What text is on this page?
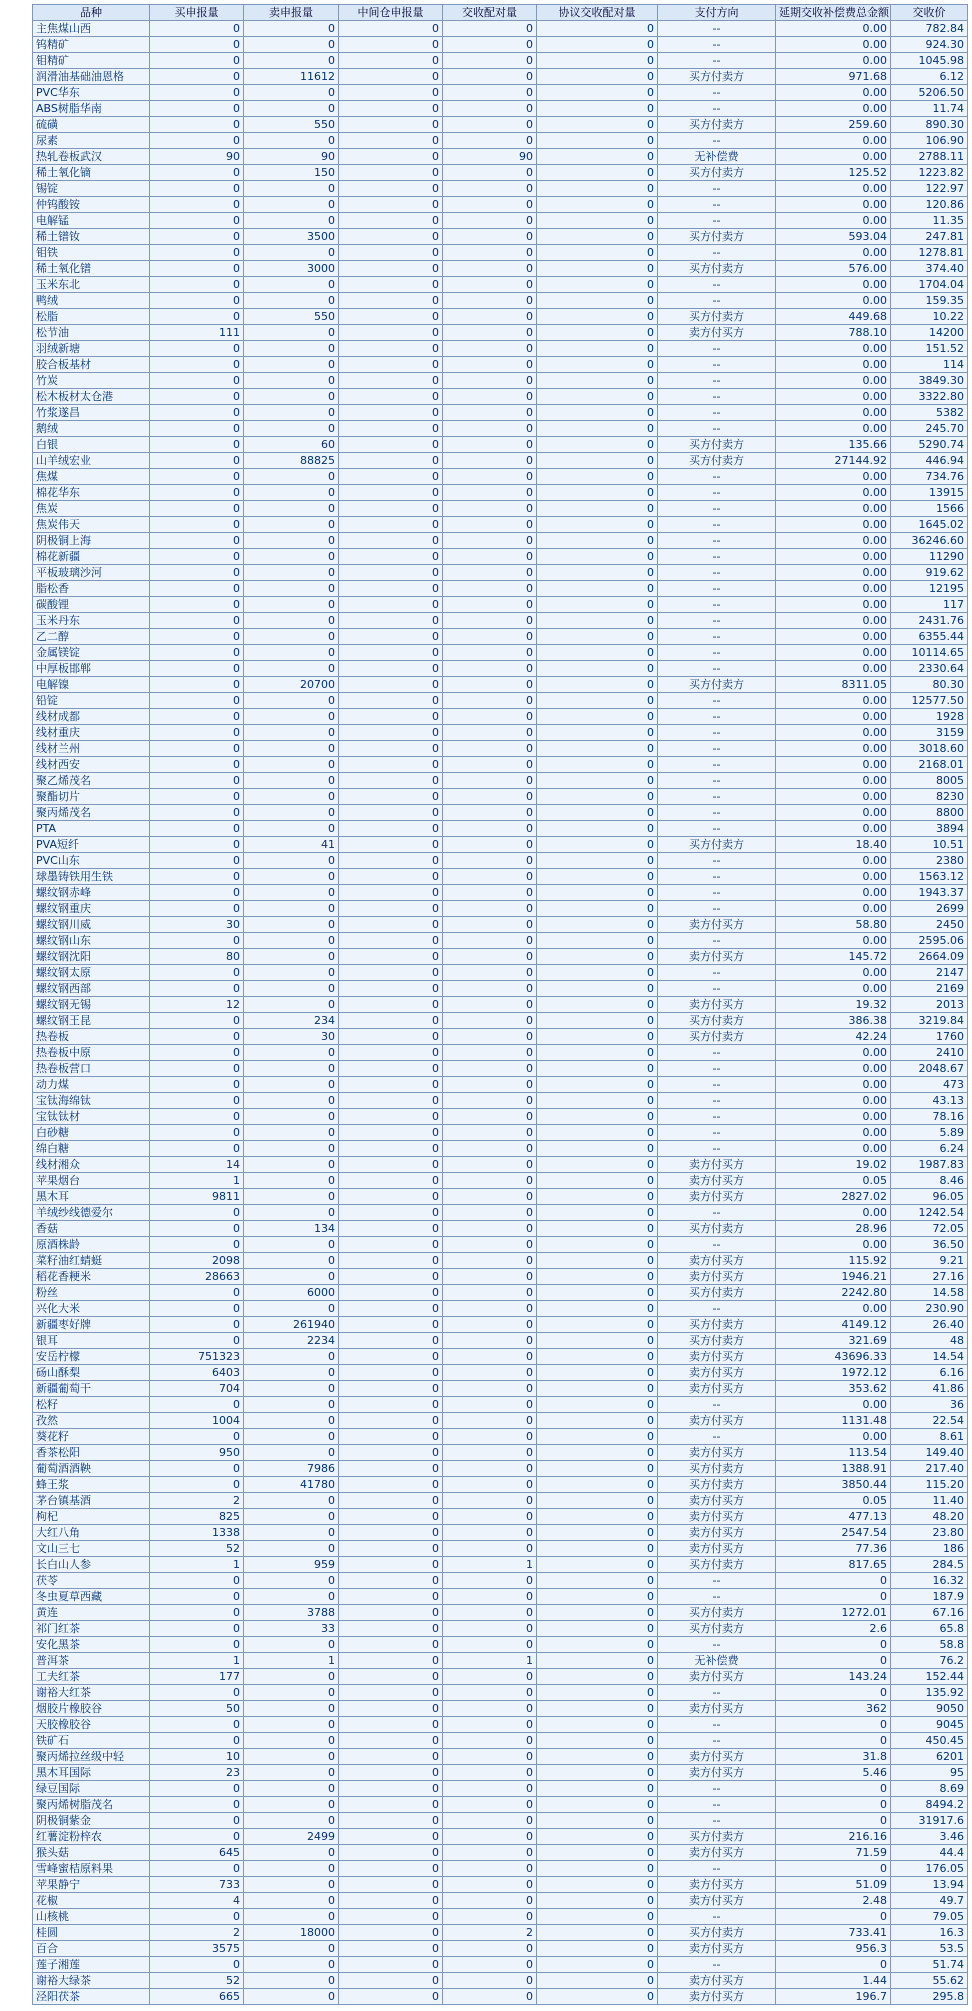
品种	买申报量	卖申报量	中间仓申报量	交收配对量	协议交收配对量	支付方向	延期交收补偿费总金额	交收价
主焦煤山西	0	0	0	0	0	--	0.00	782.84
钨精矿	0	0	0	0	0	--	0.00	924.30
钼精矿	0	0	0	0	0	--	0.00	1045.98
润滑油基础油恩格	0	11612	0	0	0	买方付卖方	971.68	6.12
PVC华东	0	0	0	0	0	--	0.00	5206.50
ABS树脂华南	0	0	0	0	0	--	0.00	11.74
硫磺	0	550	0	0	0	买方付卖方	259.60	890.30
尿素	0	0	0	0	0	--	0.00	106.90
热轧卷板武汉	90	90	0	90	0	无补偿费	0.00	2788.11
稀土氧化镝	0	150	0	0	0	买方付卖方	125.52	1223.82
锡锭	0	0	0	0	0	--	0.00	122.97
仲钨酸铵	0	0	0	0	0	--	0.00	120.86
电解锰	0	0	0	0	0	--	0.00	11.35
稀土镨钕	0	3500	0	0	0	买方付卖方	593.04	247.81
钼铁	0	0	0	0	0	--	0.00	1278.81
稀土氧化镨	0	3000	0	0	0	买方付卖方	576.00	374.40
玉米东北	0	0	0	0	0	--	0.00	1704.04
鸭绒	0	0	0	0	0	--	0.00	159.35
松脂	0	550	0	0	0	买方付卖方	449.68	10.22
松节油	111	0	0	0	0	卖方付买方	788.10	14200
羽绒新塘	0	0	0	0	0	--	0.00	151.52
胶合板基材	0	0	0	0	0	--	0.00	114
竹炭	0	0	0	0	0	--	0.00	3849.30
松木板材太仓港	0	0	0	0	0	--	0.00	3322.80
竹浆遂昌	0	0	0	0	0	--	0.00	5382
鹅绒	0	0	0	0	0	--	0.00	245.70
白银	0	60	0	0	0	买方付卖方	135.66	5290.74
山羊绒宏业	0	88825	0	0	0	买方付卖方	27144.92	446.94
焦煤	0	0	0	0	0	--	0.00	734.76
棉花华东	0	0	0	0	0	--	0.00	13915
焦炭	0	0	0	0	0	--	0.00	1566
焦炭伟天	0	0	0	0	0	--	0.00	1645.02
阴极铜上海	0	0	0	0	0	--	0.00	36246.60
棉花新疆	0	0	0	0	0	--	0.00	11290
平板玻璃沙河	0	0	0	0	0	--	0.00	919.62
脂松香	0	0	0	0	0	--	0.00	12195
碳酸锂	0	0	0	0	0	--	0.00	117
玉米丹东	0	0	0	0	0	--	0.00	2431.76
乙二醇	0	0	0	0	0	--	0.00	6355.44
金属镁锭	0	0	0	0	0	--	0.00	10114.65
中厚板邯郸	0	0	0	0	0	--	0.00	2330.64
电解镍	0	20700	0	0	0	买方付卖方	8311.05	80.30
铅锭	0	0	0	0	0	--	0.00	12577.50
线材成都	0	0	0	0	0	--	0.00	1928
线材重庆	0	0	0	0	0	--	0.00	3159
线材兰州	0	0	0	0	0	--	0.00	3018.60
线材西安	0	0	0	0	0	--	0.00	2168.01
聚乙烯茂名	0	0	0	0	0	--	0.00	8005
聚酯切片	0	0	0	0	0	--	0.00	8230
聚丙烯茂名	0	0	0	0	0	--	0.00	8800
PTA	0	0	0	0	0	--	0.00	3894
PVA短纤	0	41	0	0	0	买方付卖方	18.40	10.51
PVC山东	0	0	0	0	0	--	0.00	2380
球墨铸铁用生铁	0	0	0	0	0	--	0.00	1563.12
螺纹钢赤峰	0	0	0	0	0	--	0.00	1943.37
螺纹钢重庆	0	0	0	0	0	--	0.00	2699
螺纹钢川威	30	0	0	0	0	卖方付买方	58.80	2450
螺纹钢山东	0	0	0	0	0	--	0.00	2595.06
螺纹钢沈阳	80	0	0	0	0	卖方付买方	145.72	2664.09
螺纹钢太原	0	0	0	0	0	--	0.00	2147
螺纹钢西部	0	0	0	0	0	--	0.00	2169
螺纹钢无锡	12	0	0	0	0	卖方付买方	19.32	2013
螺纹钢王昆	0	234	0	0	0	买方付卖方	386.38	3219.84
热卷板	0	30	0	0	0	买方付卖方	42.24	1760
热卷板中原	0	0	0	0	0	--	0.00	2410
热卷板营口	0	0	0	0	0	--	0.00	2048.67
动力煤	0	0	0	0	0	--	0.00	473
宝钛海绵钛	0	0	0	0	0	--	0.00	43.13
宝钛钛材	0	0	0	0	0	--	0.00	78.16
白砂糖	0	0	0	0	0	--	0.00	5.89
绵白糖	0	0	0	0	0	--	0.00	6.24
线材湘众	14	0	0	0	0	卖方付买方	19.02	1987.83
苹果烟台	1	0	0	0	0	卖方付买方	0.05	8.46
黑木耳	9811	0	0	0	0	卖方付买方	2827.02	96.05
羊绒纱线德爱尔	0	0	0	0	0	--	0.00	1242.54
香菇	0	134	0	0	0	买方付卖方	28.96	72.05
原酒株龄	0	0	0	0	0	--	0.00	36.50
菜籽油红蜻蜓	2098	0	0	0	0	卖方付买方	115.92	9.21
稻花香粳米	28663	0	0	0	0	卖方付买方	1946.21	27.16
粉丝	0	6000	0	0	0	买方付卖方	2242.80	14.58
兴化大米	0	0	0	0	0	--	0.00	230.90
新疆枣好牌	0	261940	0	0	0	买方付卖方	4149.12	26.40
银耳	0	2234	0	0	0	买方付卖方	321.69	48
安岳柠檬	751323	0	0	0	0	卖方付买方	43696.33	14.54
砀山酥梨	6403	0	0	0	0	卖方付买方	1972.12	6.16
新疆葡萄干	704	0	0	0	0	卖方付买方	353.62	41.86
松籽	0	0	0	0	0	--	0.00	36
孜然	1004	0	0	0	0	卖方付买方	1131.48	22.54
葵花籽	0	0	0	0	0	--	0.00	8.61
香茶松阳	950	0	0	0	0	卖方付买方	113.54	149.40
葡萄酒酒鞅	0	7986	0	0	0	买方付卖方	1388.91	217.40
蜂王浆	0	41780	0	0	0	买方付卖方	3850.44	115.20
茅台镇基酒	2	0	0	0	0	卖方付买方	0.05	11.40
枸杞	825	0	0	0	0	卖方付买方	477.13	48.20
大红八角	1338	0	0	0	0	卖方付买方	2547.54	23.80
文山三七	52	0	0	0	0	卖方付买方	77.36	186
长白山人参	1	959	0	1	0	买方付卖方	817.65	284.5
茯苓	0	0	0	0	0	--	0	16.32
冬虫夏草西藏	0	0	0	0	0	--	0	187.9
黄连	0	3788	0	0	0	买方付卖方	1272.01	67.16
祁门红茶	0	33	0	0	0	买方付卖方	2.6	65.8
安化黑茶	0	0	0	0	0	--	0	58.8
普洱茶	1	1	0	1	0	无补偿费	0	76.2
工夫红茶	177	0	0	0	0	卖方付买方	143.24	152.44
谢裕大红茶	0	0	0	0	0	--	0	135.92
烟胶片橡胶谷	50	0	0	0	0	卖方付买方	362	9050
天胶橡胶谷	0	0	0	0	0	--	0	9045
铁矿石	0	0	0	0	0	--	0	450.45
聚丙烯拉丝级中轻	10	0	0	0	0	卖方付买方	31.8	6201
黑木耳国际	23	0	0	0	0	卖方付买方	5.46	95
绿豆国际	0	0	0	0	0	--	0	8.69
聚丙烯树脂茂名	0	0	0	0	0	--	0	8494.2
阴极铜紫金	0	0	0	0	0	--	0	31917.6
红薯淀粉梓农	0	2499	0	0	0	买方付卖方	216.16	3.46
猴头菇	645	0	0	0	0	卖方付买方	71.59	44.4
雪峰蜜桔原料果	0	0	0	0	0	--	0	176.05
苹果静宁	733	0	0	0	0	卖方付买方	51.09	13.94
花椒	4	0	0	0	0	卖方付买方	2.48	49.7
山核桃	0	0	0	0	0	--	0	79.05
桂圆	2	18000	0	2	0	买方付卖方	733.41	16.3
百合	3575	0	0	0	0	卖方付买方	956.3	53.5
莲子湘莲	0	0	0	0	0	--	0	51.74
谢裕大绿茶	52	0	0	0	0	卖方付买方	1.44	55.62
泾阳茯茶	665	0	0	0	0	卖方付买方	196.7	295.8
